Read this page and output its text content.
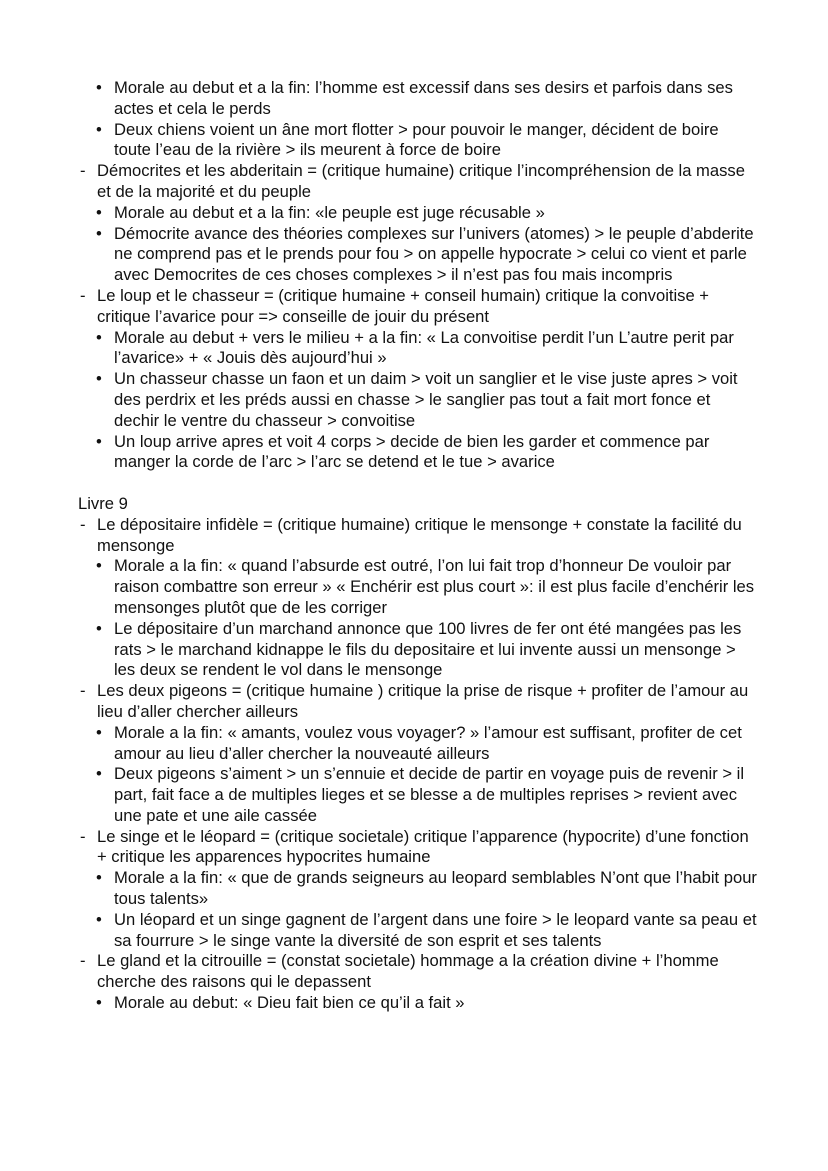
• Morale au debut et a la fin: l’homme est excessif dans ses desirs et parfois dans ses actes et cela le perds
• Deux chiens voient un âne mort flotter > pour pouvoir le manger, décident de boire toute l’eau de la rivière > ils meurent à force de boire
- Démocrites et les abderitain = (critique humaine) critique l’incompréhension de la masse et de la majorité et du peuple
• Morale au debut et a la fin: «le peuple est juge récusable »
• Démocrite avance des théories complexes sur l’univers (atomes) > le peuple d’abderite ne comprend pas et le prends pour fou > on appelle hypocrate > celui co vient et parle avec Democrites de ces choses complexes > il n’est pas fou mais incompris
- Le loup et le chasseur = (critique humaine + conseil humain) critique la convoitise + critique l’avarice pour => conseille de jouir du présent
• Morale au debut + vers le milieu + a la fin: « La convoitise perdit l’un L’autre perit par l’avarice» + « Jouis dès aujourd’hui »
• Un chasseur chasse un faon et un daim > voit un sanglier et le vise juste apres > voit des perdrix et les préds aussi en chasse > le sanglier pas tout a fait mort fonce et dechir le ventre du chasseur > convoitise
• Un loup arrive apres et voit 4 corps > decide de bien les garder et commence par manger la corde de l’arc > l’arc se detend et le tue > avarice
Livre 9
- Le dépositaire infidèle = (critique humaine) critique le mensonge + constate la facilité du mensonge
• Morale a la fin: « quand l’absurde est outré, l’on lui fait trop d’honneur De vouloir par raison combattre son erreur » « Enchérir est plus court »: il est plus facile d’enchérir les mensonges plutôt que de les corriger
• Le dépositaire d’un marchand annonce que 100 livres de fer ont été mangées pas les rats > le marchand kidnappe le fils du depositaire et lui invente aussi un mensonge > les deux se rendent le vol dans le mensonge
- Les deux pigeons = (critique humaine ) critique la prise de risque + profiter de l’amour au lieu d’aller chercher ailleurs
• Morale a la fin: « amants, voulez vous voyager? » l’amour est suffisant, profiter de cet amour au lieu d’aller chercher la nouveauté ailleurs
• Deux pigeons s’aiment > un s’ennuie et decide de partir en voyage puis de revenir > il part, fait face a de multiples lieges et se blesse a de multiples reprises > revient avec une pate et une aile cassée
- Le singe et le léopard = (critique societale) critique l’apparence (hypocrite) d’une fonction + critique les apparences hypocrites humaine
• Morale a la fin: « que de grands seigneurs au leopard semblables N’ont que l’habit pour tous talents»
• Un léopard et un singe gagnent de l’argent dans une foire > le leopard vante sa peau et sa fourrure > le singe vante la diversité de son esprit et ses talents
- Le gland et la citrouille = (constat societale) hommage a la création divine + l’homme cherche des raisons qui le depassent
• Morale au debut: « Dieu fait bien ce qu’il a fait »
